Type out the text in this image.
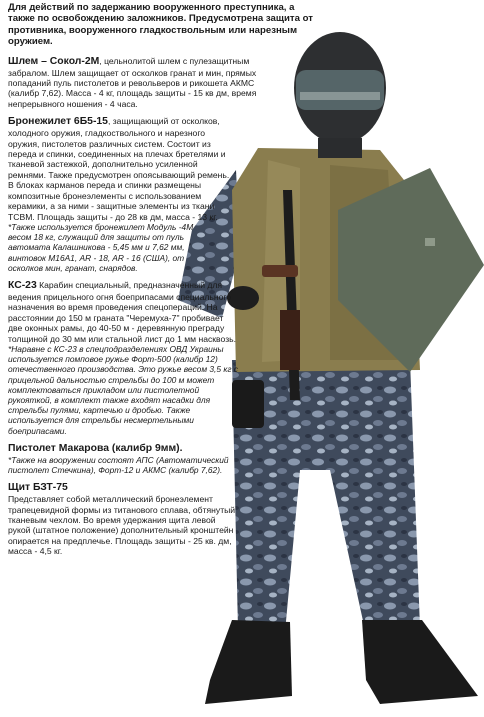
Для действий по задержанию вооруженного преступника, а также по освобождению заложников. Предусмотрена защита от противника, вооруженного гладкоствольным или нарезным оружием.

Шлем – Сокол-2М, цельнолитой шлем с пулезащитным забралом. Шлем защищает от осколков гранат и мин, прямых попаданий пуль пистолетов и револьверов и рикошета АКМС (калибр 7,62). Масса - 4 кг, площадь защиты - 15 кв дм, время непрерывного ношения - 4 часа.

Бронежилет 6Б5-15, защищающий от осколков, холодного оружия, гладкоствольного и нарезного оружия, пистолетов различных систем. Состоит из переда и спинки, соединенных на плечах бретелями и тканевой застежкой, дополнительно усиленной ремнями. Также предусмотрен опоясывающий ремень. В блоках карманов переда и спинки размещены композитные бронеэлементы с использованием керамики, а за ними - защитные элементы из ткани ТСВМ. Площадь защиты - до 28 кв дм, масса - 13 кг.

*Также используется бронежилет Модуль -4М весом 18 кг, служащий для защиты от пуль автомата Калашникова - 5,45 мм и 7,62 мм, винтовок М16А1, AR - 18, AR - 16 (США), от осколков мин, гранат, снарядов.

КС-23 Карабин специальный, предназначенный для ведения прицельного огня боеприпасами специального назначения во время проведения спецопераций. На расстоянии до 150 м граната "Черемуха-7" пробивает две оконных рамы, до 40-50 м - деревянную преграду толщиной до 30 мм или стальной лист до 1 мм насквозь.

*Наравне с КС-23 в спецподразделениях ОВД Украины используется помповое ружье Форт-500 (калибр 12) отечественного производства. Это ружье весом 3,5 кг с прицельной дальностью стрельбы до 100 м может комплектоваться прикладом или пистолетной рукояткой, в комплект также входят насадки для стрельбы пулями, картечью и дробью. Также используется для стрельбы несмертельными боеприпасами.

Пистолет Макарова (калибр 9мм).

*Также на вооружении состоят АПС (Автоматический пистолет Стечкина), Форт-12 и АКМС (калибр 7,62).

Щит БЗТ-75

Представляет собой металлический бронеэлемент трапецевидной формы из титанового сплава, обтянутый тканевым чехлом. Во время удержания щита левой рукой (штатное положение) дополнительный кронштейн опирается на предплечье. Площадь защиты - 25 кв. дм, масса - 4,5 кг.
